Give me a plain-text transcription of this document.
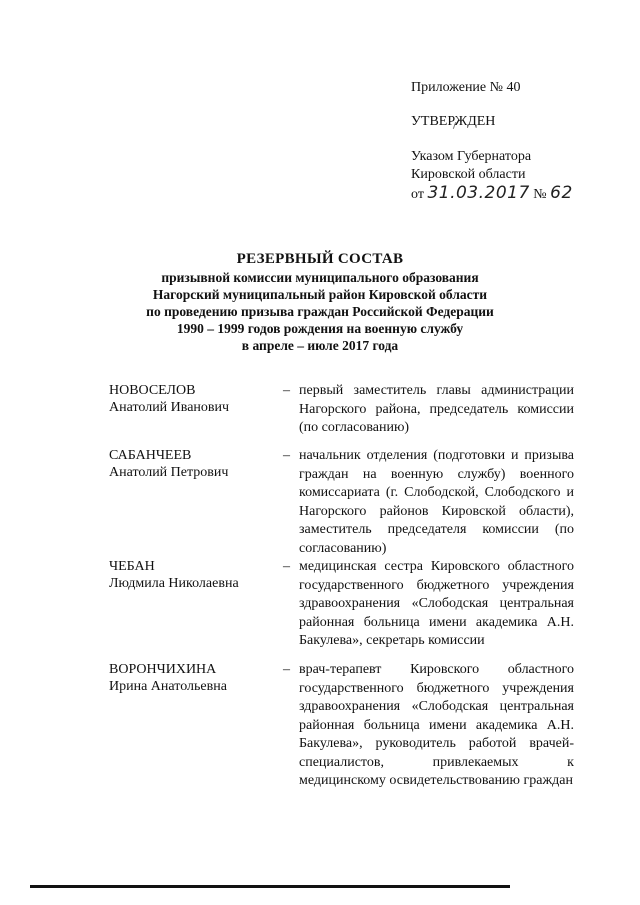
Приложение № 40
УТВЕРЖДЕН
Указом Губернатора
Кировской области
от 31.03.2017 № 62
РЕЗЕРВНЫЙ СОСТАВ
призывной комиссии муниципального образования
Нагорский муниципальный район Кировской области
по проведению призыва граждан Российской Федерации
1990 – 1999 годов рождения на военную службу
в апреле – июле 2017 года
НОВОСЕЛОВ
Анатолий Иванович
– первый заместитель главы администрации Нагорского района, председатель комиссии (по согласованию)
САБАНЧЕЕВ
Анатолий Петрович
– начальник отделения (подготовки и призыва граждан на военную службу) военного комиссариата (г. Слободской, Слободского и Нагорского районов Кировской области), заместитель председателя комиссии (по согласованию)
ЧЕБАН
Людмила Николаевна
– медицинская сестра Кировского областного государственного бюджетного учреждения здравоохранения «Слободская центральная районная больница имени академика А.Н. Бакулева», секретарь комиссии
ВОРОНЧИХИНА
Ирина Анатольевна
– врач-терапевт Кировского областного государственного бюджетного учреждения здравоохранения «Слободская центральная районная больница имени академика А.Н. Бакулева», руководитель работой врачей-специалистов, привлекаемых к медицинскому освидетельствованию граждан
